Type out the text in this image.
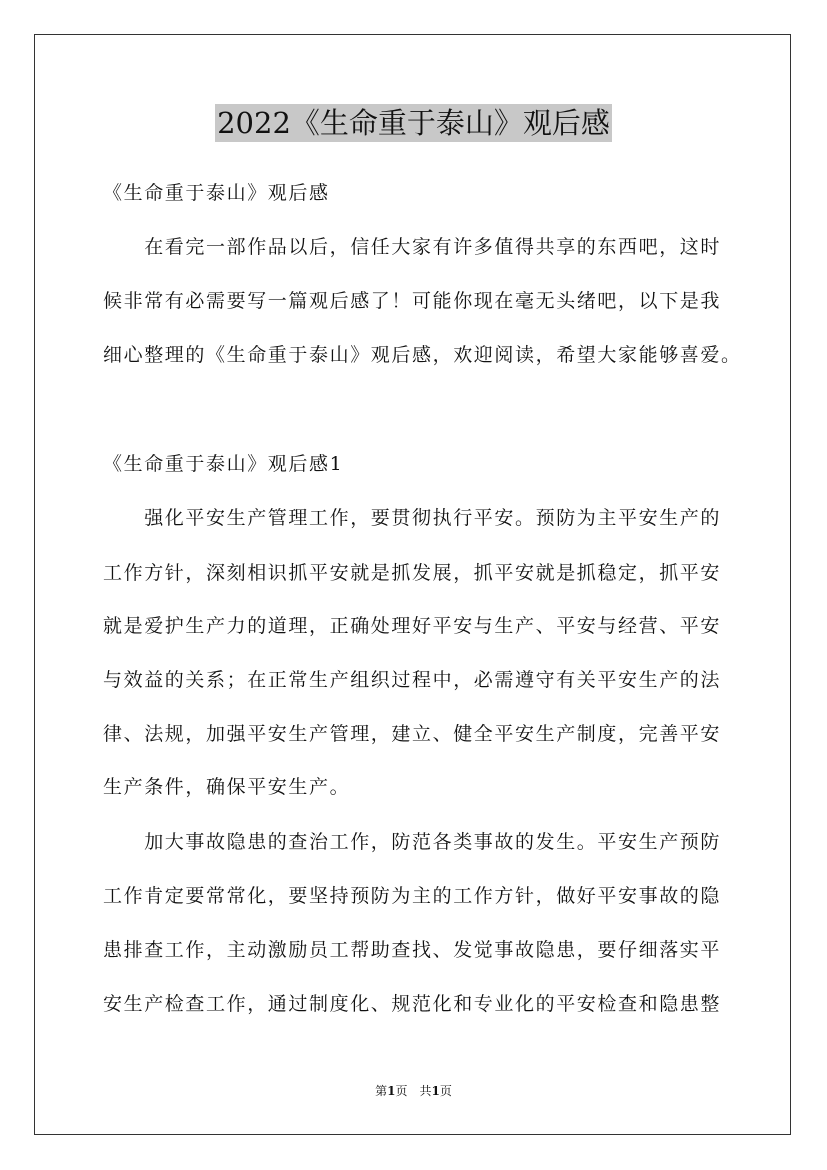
2022《生命重于泰山》观后感
《生命重于泰山》观后感
　　在看完一部作品以后，信任大家有许多值得共享的东西吧，这时
候非常有必需要写一篇观后感了！可能你现在毫无头绪吧，以下是我
细心整理的《生命重于泰山》观后感，欢迎阅读，希望大家能够喜爱。
《生命重于泰山》观后感1
　　强化平安生产管理工作，要贯彻执行平安。预防为主平安生产的
工作方针，深刻相识抓平安就是抓发展，抓平安就是抓稳定，抓平安
就是爱护生产力的道理，正确处理好平安与生产、平安与经营、平安
与效益的关系；在正常生产组织过程中，必需遵守有关平安生产的法
律、法规，加强平安生产管理，建立、健全平安生产制度，完善平安
生产条件，确保平安生产。
　　加大事故隐患的查治工作，防范各类事故的发生。平安生产预防
工作肯定要常常化，要坚持预防为主的工作方针，做好平安事故的隐
患排查工作，主动激励员工帮助查找、发觉事故隐患，要仔细落实平
安生产检查工作，通过制度化、规范化和专业化的平安检查和隐患整
第1页　共1页
